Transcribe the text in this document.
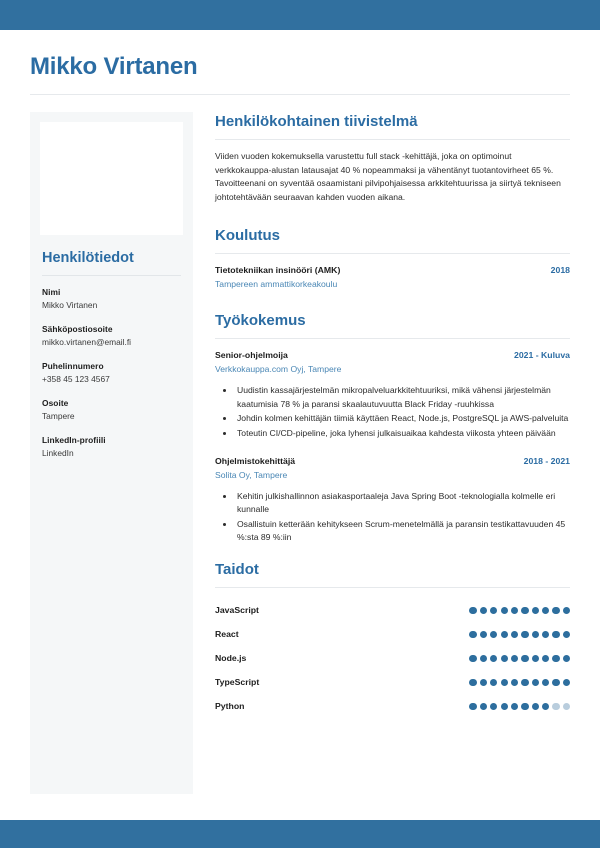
Mikko Virtanen
Henkilötiedot
Nimi
Mikko Virtanen
Sähköpostiosoite
mikko.virtanen@email.fi
Puhelinnumero
+358 45 123 4567
Osoite
Tampere
LinkedIn-profiili
LinkedIn
Henkilökohtainen tiivistelmä
Viiden vuoden kokemuksella varustettu full stack -kehittäjä, joka on optimoinut verkkokauppa-alustan latausajat 40 % nopeammaksi ja vähentänyt tuotantovirheet 65 %. Tavoitteenani on syventää osaamistani pilvipohjaisessa arkkitehtuurissa ja siirtyä tekniseen johtotehtävään seuraavan kahden vuoden aikana.
Koulutus
Tietotekniikan insinööri (AMK)	2018
Tampereen ammattikorkeakoulu
Työkokemus
Senior-ohjelmoija	2021 - Kuluva
Verkkokauppa.com Oyj, Tampere
• Uudistin kassajärjestelmän mikropalveluarkkitehtuuriksi, mikä vähensi järjestelmän kaatumisia 78 % ja paransi skaalautuvuutta Black Friday -ruuhkissa
• Johdin kolmen kehittäjän tiimiä käyttäen React, Node.js, PostgreSQL ja AWS-palveluita
• Toteutin CI/CD-pipeline, joka lyhensi julkaisuaikaa kahdesta viikosta yhteen päivään
Ohjelmistokehittäjä	2018 - 2021
Solita Oy, Tampere
• Kehitin julkishallinnon asiakasportaaleja Java Spring Boot -teknologialla kolmelle eri kunnalle
• Osallistuin ketterään kehitykseen Scrum-menetelmällä ja paransin testikattavuuden 45 %:sta 89 %:iin
Taidot
JavaScript
React
Node.js
TypeScript
Python
